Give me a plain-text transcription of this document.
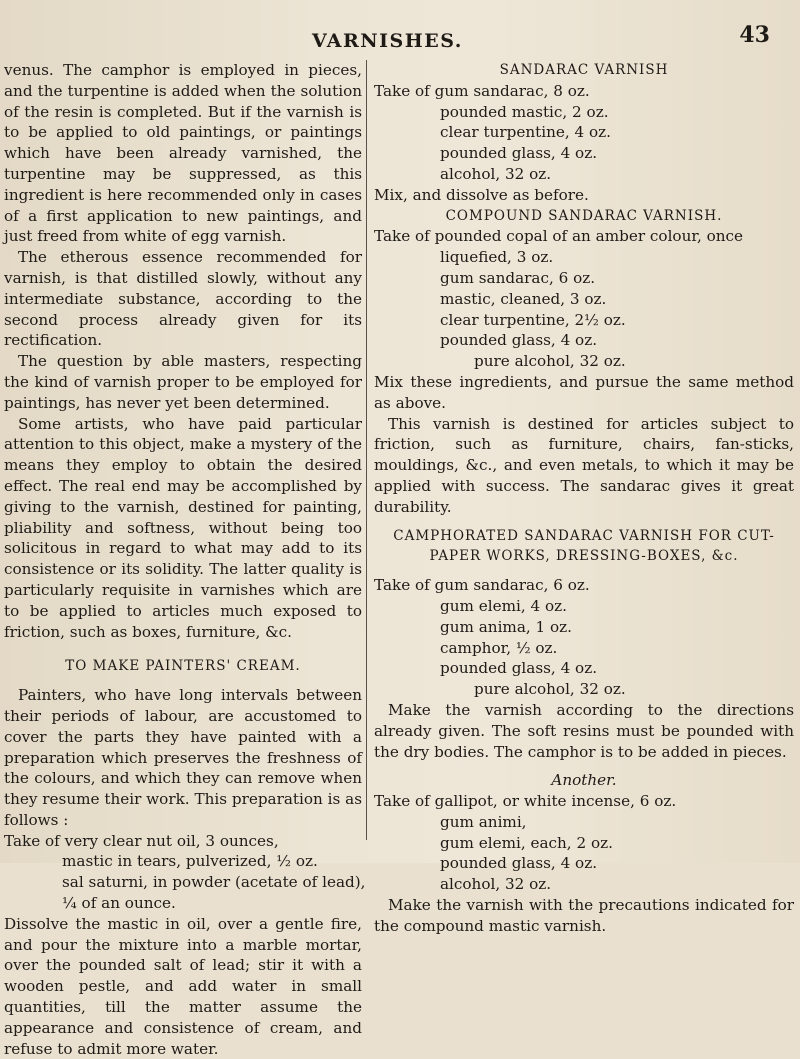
VARNISHES.	43

venus. The camphor is employed in pieces, and the turpentine is added when the solution of the resin is completed. But if the varnish is to be applied to old paintings, or paintings which have been already varnished, the turpentine may be suppressed, as this ingredient is here recommended only in cases of a first application to new paintings, and just freed from white of egg varnish.

The etherous essence recommended for varnish, is that distilled slowly, without any intermediate substance, according to the second process already given for its rectification.

The question by able masters, respecting the kind of varnish proper to be employed for paintings, has never yet been determined.

Some artists, who have paid particular attention to this object, make a mystery of the means they employ to obtain the desired effect. The real end may be accomplished by giving to the varnish, destined for painting, pliability and softness, without being too solicitous in regard to what may add to its consistence or its solidity. The latter quality is particularly requisite in varnishes which are to be applied to articles much exposed to friction, such as boxes, furniture, &c.

TO MAKE PAINTERS' CREAM.

Painters, who have long intervals between their periods of labour, are accustomed to cover the parts they have painted with a preparation which preserves the freshness of the colours, and which they can remove when they resume their work. This preparation is as follows :

Take of very clear nut oil, 3 ounces,

mastic in tears, pulverized, ½ oz.

sal saturni, in powder (acetate of lead),

¼ of an ounce.

Dissolve the mastic in oil, over a gentle fire, and pour the mixture into a marble mortar, over the pounded salt of lead; stir it with a wooden pestle, and add water in small quantities, till the matter assume the appearance and consistence of cream, and refuse to admit more water.

SANDARAC VARNISH

Take of gum sandarac, 8 oz.

pounded mastic, 2 oz.

clear turpentine, 4 oz.

pounded glass, 4 oz.

alcohol, 32 oz.

Mix, and dissolve as before.

COMPOUND SANDARAC VARNISH.

Take of pounded copal of an amber colour, once

liquefied, 3 oz.

gum sandarac, 6 oz.

mastic, cleaned, 3 oz.

clear turpentine, 2½ oz.

pounded glass, 4 oz.

pure alcohol, 32 oz.

Mix these ingredients, and pursue the same method as above.

This varnish is destined for articles subject to friction, such as furniture, chairs, fan-sticks, mouldings, &c., and even metals, to which it may be applied with success. The sandarac gives it great durability.

CAMPHORATED SANDARAC VARNISH FOR CUT-PAPER WORKS, DRESSING-BOXES, &c.

Take of gum sandarac, 6 oz.

gum elemi, 4 oz.

gum anima, 1 oz.

camphor, ½ oz.

pounded glass, 4 oz.

pure alcohol, 32 oz.

Make the varnish according to the directions already given. The soft resins must be pounded with the dry bodies. The camphor is to be added in pieces.

Another.

Take of gallipot, or white incense, 6 oz.

gum animi,

gum elemi, each, 2 oz.

pounded glass, 4 oz.

alcohol, 32 oz.

Make the varnish with the precautions indicated for the compound mastic varnish.
